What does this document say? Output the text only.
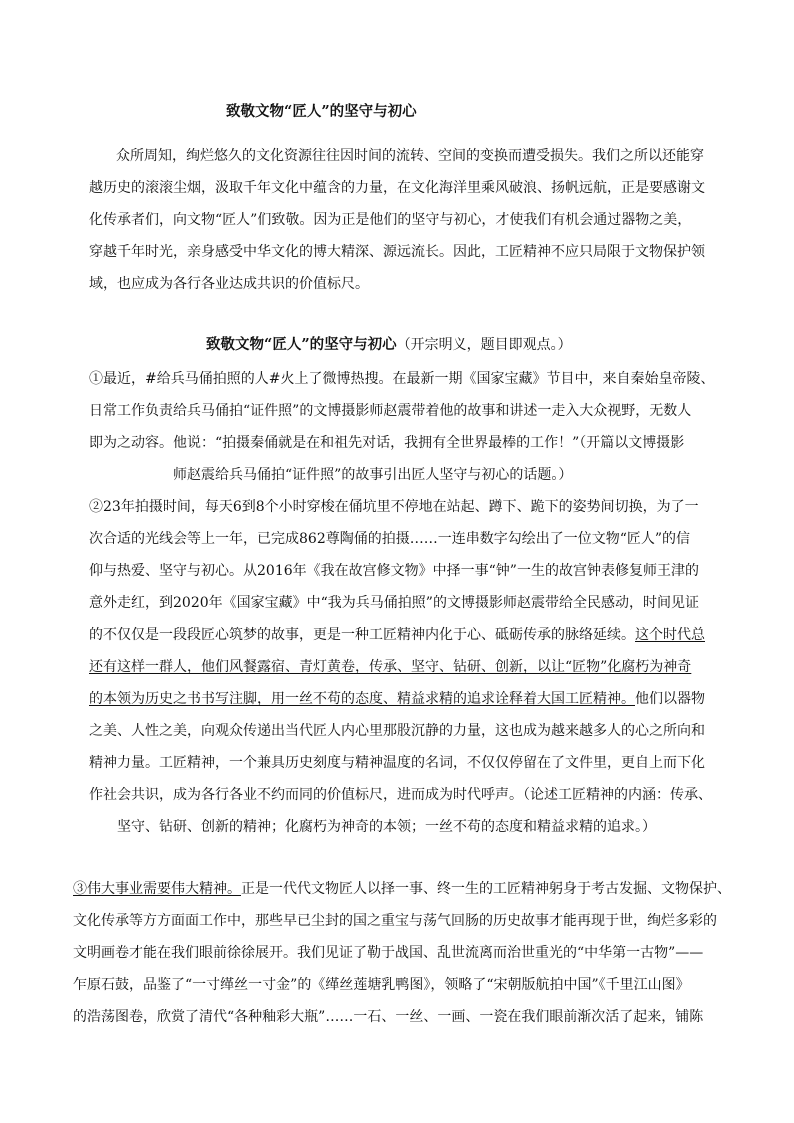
致敬文物“匠人”的坚守与初心
众所周知，绚烂悠久的文化资源往往因时间的流转、空间的变换而遭受损失。我们之所以还能穿
越历史的滚滚尘烟，汲取千年文化中蕴含的力量，在文化海洋里乘风破浪、扬帆远航，正是要感谢文
化传承者们，向文物“匠人”们致敬。因为正是他们的坚守与初心，才使我们有机会通过器物之美，
穿越千年时光，亲身感受中华文化的博大精深、源远流长。因此，工匠精神不应只局限于文物保护领
域，也应成为各行各业达成共识的价值标尺。
致敬文物“匠人”的坚守与初心（开宗明义，题目即观点。）
①最近，#给兵马俑拍照的人#火上了微博热搜。在最新一期《国家宝藏》节目中，来自秦始皇帝陵、
日常工作负责给兵马俑拍“证件照”的文博摄影师赵震带着他的故事和讲述一走入大众视野，无数人
即为之动容。他说：“拍摄秦俑就是在和祖先对话，我拥有全世界最棒的工作！”（开篇以文博摄影
师赵震给兵马俑拍“证件照”的故事引出匠人坚守与初心的话题。）
②23年拍摄时间，每天6到8个小时穿梭在俑坑里不停地在站起、蹲下、跪下的姿势间切换，为了一
次合适的光线会等上一年，已完成862尊陶俑的拍摄……一连串数字勾绘出了一位文物“匠人”的信
仰与热爱、坚守与初心。从2016年《我在故宫修文物》中择一事“钟”一生的故宫钟表修复师王津的
意外走红，到2020年《国家宝藏》中“我为兵马俑拍照”的文博摄影师赵震带给全民感动，时间见证
的不仅仅是一段段匠心筑梦的故事，更是一种工匠精神内化于心、砥砺传承的脉络延续。这个时代总
还有这样一群人，他们风餐露宿、青灯黄卷，传承、坚守、钻研、创新，以让“匠物”化腐朽为神奇
的本领为历史之书书写注脚，用一丝不苟的态度、精益求精的追求诠释着大国工匠精神。他们以器物
之美、人性之美，向观众传递出当代匠人内心里那股沉静的力量，这也成为越来越多人的心之所向和
精神力量。工匠精神，一个兼具历史刻度与精神温度的名词，不仅仅停留在了文件里，更自上而下化
作社会共识，成为各行各业不约而同的价值标尺，进而成为时代呼声。（论述工匠精神的内涵：传承、
坚守、钻研、创新的精神；化腐朽为神奇的本领；一丝不苟的态度和精益求精的追求。）
③伟大事业需要伟大精神。正是一代代文物匠人以择一事、终一生的工匠精神躬身于考古发掘、文物保护、
文化传承等方方面面工作中，那些早已尘封的国之重宝与荡气回肠的历史故事才能再现于世，绚烂多彩的
文明画卷才能在我们眼前徐徐展开。我们见证了勒于战国、乱世流离而治世重光的“中华第一古物”——
乍原石鼓，品鉴了“一寸缂丝一寸金”的《缂丝莲塘乳鸭图》，领略了“宋朝版航拍中国”《千里江山图》
的浩荡图卷，欣赏了清代“各种釉彩大瓶”……一石、一丝、一画、一瓷在我们眼前渐次活了起来，铺陈
